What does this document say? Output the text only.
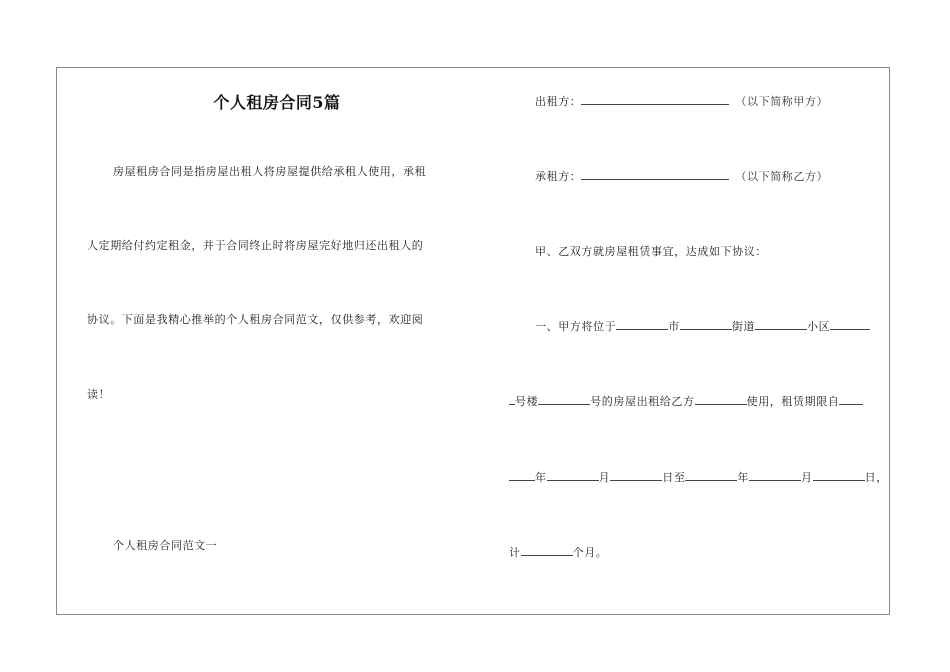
个人租房合同5篇
房屋租房合同是指房屋出租人将房屋提供给承租人使用，承租
人定期给付约定租金，并于合同终止时将房屋完好地归还出租人的
协议。下面是我精心推举的个人租房合同范文，仅供参考，欢迎阅
读！
个人租房合同范文一
出租方：	（以下简称甲方）
承租方：	（以下简称乙方）
甲、乙双方就房屋租赁事宜，达成如下协议：
一、甲方将位于	市	街道	小区
号楼	号的房屋出租给乙方	使用，租赁期限自
年	月	日至	年	月	日，
计	个月。
